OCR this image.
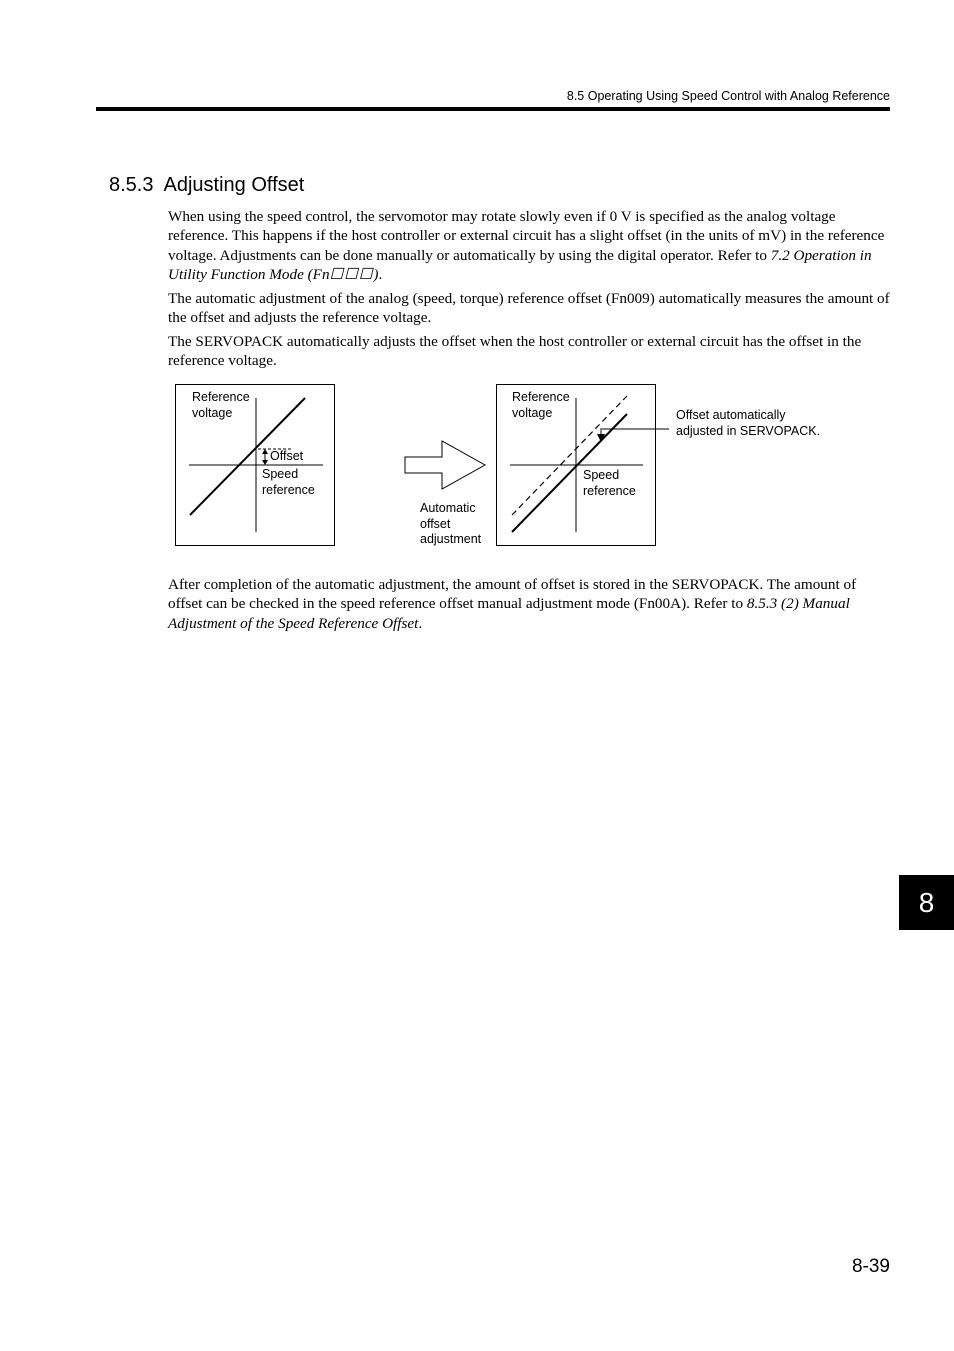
8.5 Operating Using Speed Control with Analog Reference
8.5.3 Adjusting Offset

When using the speed control, the servomotor may rotate slowly even if 0 V is specified as the analog voltage reference. This happens if the host controller or external circuit has a slight offset (in the units of mV) in the reference voltage. Adjustments can be done manually or automatically by using the digital operator. Refer to 7.2 Operation in Utility Function Mode (Fn☐☐☐).

The automatic adjustment of the analog (speed, torque) reference offset (Fn009) automatically measures the amount of the offset and adjusts the reference voltage.

The SERVOPACK automatically adjusts the offset when the host controller or external circuit has the offset in the reference voltage.

Reference
voltage
Offset
Speed
reference
Automatic
offset
adjustment
Reference
voltage
Speed
reference
Offset automatically
adjusted in SERVOPACK.

After completion of the automatic adjustment, the amount of offset is stored in the SERVOPACK. The amount of offset can be checked in the speed reference offset manual adjustment mode (Fn00A). Refer to 8.5.3 (2) Manual Adjustment of the Speed Reference Offset.

8
8-39
